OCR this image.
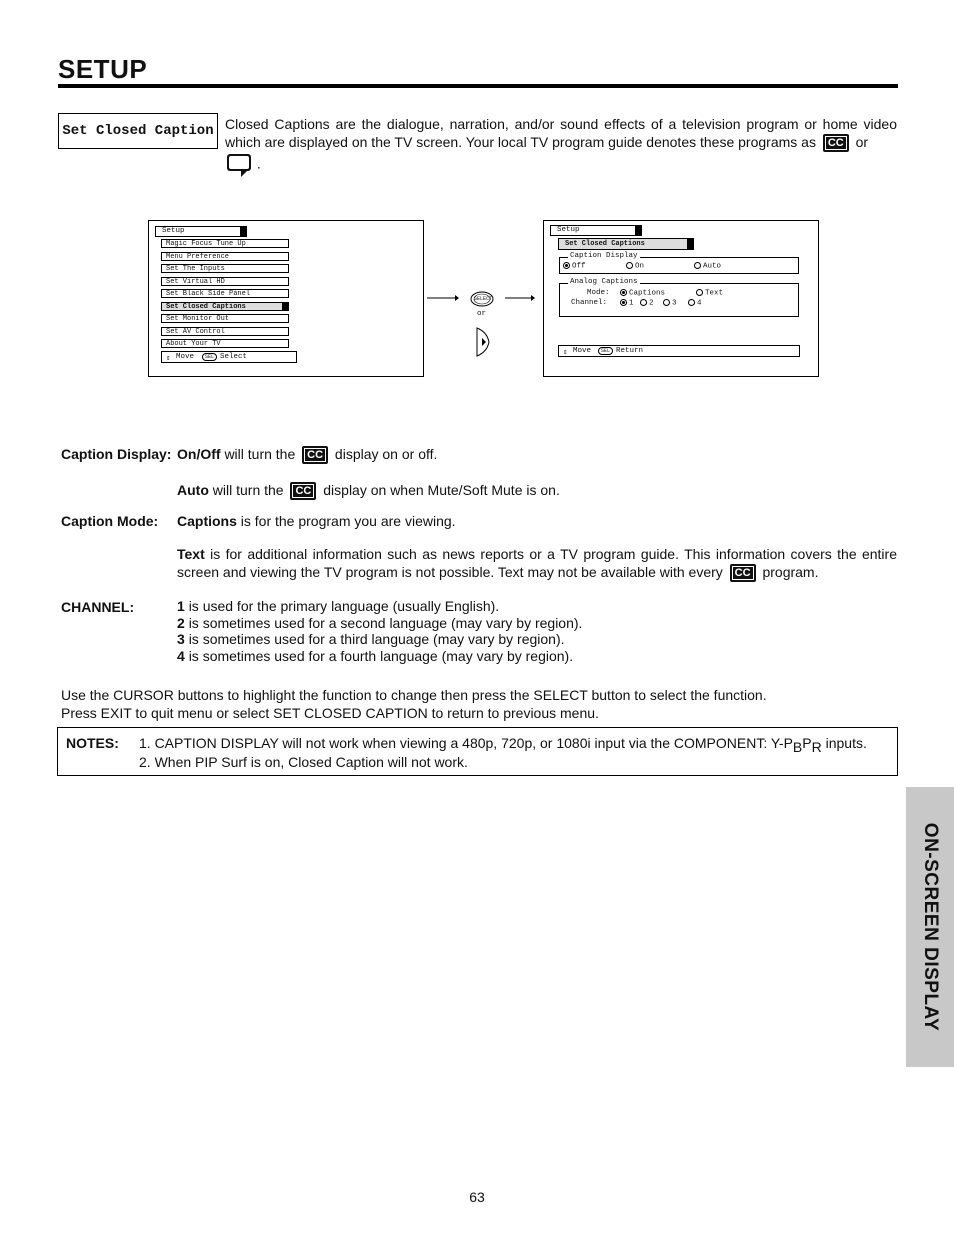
SETUP
Set Closed Caption Closed Captions are the dialogue, narration, and/or sound effects of a television program or home video which are displayed on the TV screen. Your local TV program guide denotes these programs as CC or
.
Setup
Magic Focus Tune Up
Menu Preference
Set The Inputs
Set Virtual HD
Set Black Side Panel
Set Closed Captions
Set Monitor Out
Set AV Control
About Your TV
⇕ Move	SEL Select
SELECT
or
Setup
Set Closed Captions
Caption Display
Off	On	Auto
Analog Captions
Mode:	Captions	Text
Channel:	1	2	3	4
⇕ Move	SEL Return
Caption Display: On/Off will turn the CC display on or off.
Auto will turn the CC display on when Mute/Soft Mute is on.
Caption Mode: Captions is for the program you are viewing.
Text is for additional information such as news reports or a TV program guide. This information covers the entire screen and viewing the TV program is not possible. Text may not be available with every CC program.
CHANNEL:	1 is used for the primary language (usually English).
2 is sometimes used for a second language (may vary by region).
3 is sometimes used for a third language (may vary by region).
4 is sometimes used for a fourth language (may vary by region).
Use the CURSOR buttons to highlight the function to change then press the SELECT button to select the function.
Press EXIT to quit menu or select SET CLOSED CAPTION to return to previous menu.
NOTES: 1. CAPTION DISPLAY will not work when viewing a 480p, 720p, or 1080i input via the COMPONENT: $Y-P_BP_R$ inputs.
2. When PIP Surf is on, Closed Caption will not work.
ON-SCREEN DISPLAY
63
